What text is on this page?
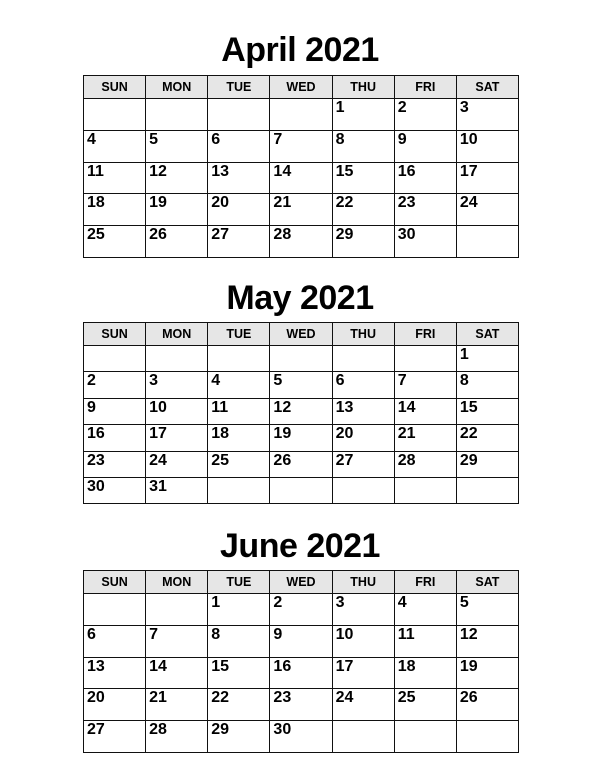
April 2021
SUN	MON	TUE	WED	THU	FRI	SAT

				1	2	3

4	5	6	7	8	9	10

11	12	13	14	15	16	17

18	19	20	21	22	23	24

25	26	27	28	29	30	

May 2021
SUN	MON	TUE	WED	THU	FRI	SAT

						1

2	3	4	5	6	7	8

9	10	11	12	13	14	15

16	17	18	19	20	21	22

23	24	25	26	27	28	29

30	31					

June 2021
SUN	MON	TUE	WED	THU	FRI	SAT

		1	2	3	4	5

6	7	8	9	10	11	12

13	14	15	16	17	18	19

20	21	22	23	24	25	26

27	28	29	30			
